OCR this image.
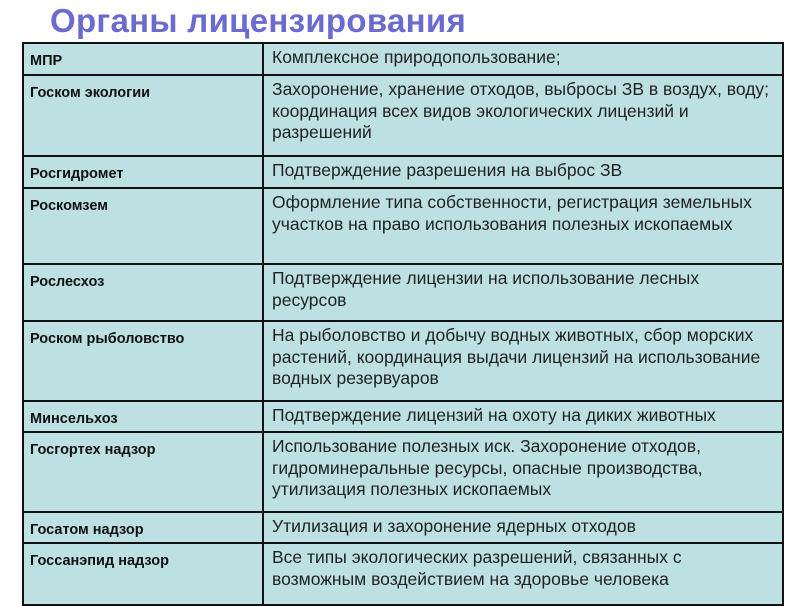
Органы лицензирования
МПР	Комплексное природопользование;
Госком экологии	Захоронение, хранение отходов, выбросы ЗВ в воздух, воду; координация всех видов экологических лицензий и разрешений
Росгидромет	Подтверждение разрешения на выброс ЗВ
Роскомзем	Оформление типа собственности, регистрация земельных участков на право использования полезных ископаемых
Рослесхоз	Подтверждение лицензии на использование лесных ресурсов
Роском рыболовство	На рыболовство и добычу водных животных, сбор морских растений, координация выдачи лицензий на использование водных резервуаров
Минсельхоз	Подтверждение лицензий на охоту на диких животных
Госгортех надзор	Использование полезных иск. Захоронение отходов, гидроминеральные ресурсы, опасные производства, утилизация полезных ископаемых
Госатом надзор	Утилизация и захоронение ядерных отходов
Госсанэпид надзор	Все типы экологических разрешений, связанных с возможным воздействием на здоровье человека
